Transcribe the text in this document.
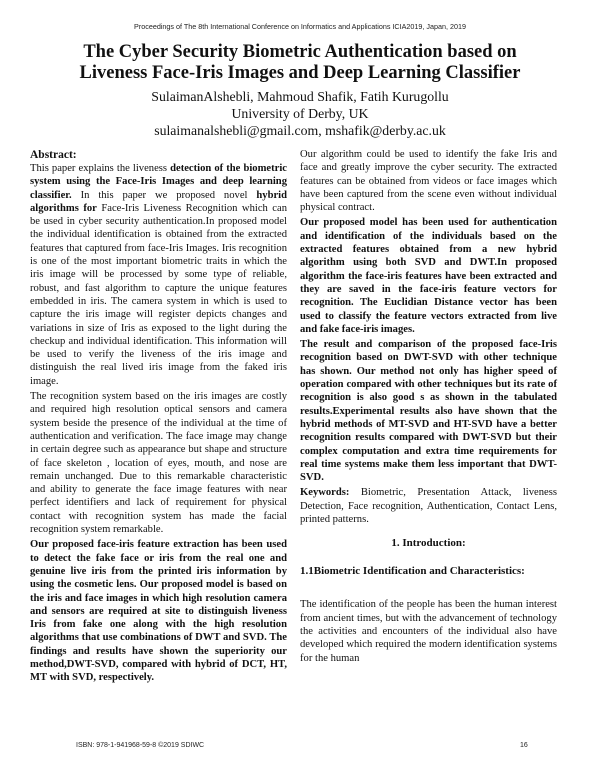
Proceedings of The 8th International Conference on Informatics and Applications ICIA2019, Japan, 2019
The Cyber Security Biometric Authentication based on
Liveness Face-Iris Images and Deep Learning Classifier
SulaimanAlshebli, Mahmoud Shafik, Fatih Kurugollu
University of Derby, UK
sulaimanalshebli@gmail.com, mshafik@derby.ac.uk

Abstract:

This paper explains the liveness detection of the biometric system using the Face-Iris Images and deep learning classifier. In this paper we proposed novel hybrid algorithms for Face-Iris Liveness Recognition which can be used in cyber security authentication.In proposed model the individual identification is obtained from the extracted features that captured from face-Iris Images. Iris recognition is one of the most important biometric traits in which the iris image will be processed by some type of reliable, robust, and fast algorithm to capture the unique features embedded in iris. The camera system in which is used to capture the iris image will register depicts changes and variations in size of Iris as exposed to the light during the checkup and individual identification. This information will be used to verify the liveness of the iris image and distinguish the real lived iris image from the faked iris image.

The recognition system based on the iris images are costly and required high resolution optical sensors and camera system beside the presence of the individual at the time of authentication and verification. The face image may change in certain degree such as appearance but shape and structure of face skeleton , location of eyes, mouth, and nose are remain unchanged. Due to this remarkable characteristic and ability to generate the face image features with near perfect identifiers and lack of requirement for physical contact with recognition system has made the facial recognition system remarkable.

Our proposed face-iris feature extraction has been used to detect the fake face or iris from the real one and genuine live iris from the printed iris information by using the cosmetic lens. Our proposed model is based on the iris and face images in which high resolution camera and sensors are required at site to distinguish liveness Iris from fake one along with the high resolution algorithms that use combinations of DWT and SVD. The findings and results have shown the superiority our method,DWT-SVD, compared with hybrid of DCT, HT, MT with SVD, respectively.

Our algorithm could be used to identify the fake Iris and face and greatly improve the cyber security. The extracted features can be obtained from videos or face images which have been captured from the scene even without individual physical contract.

Our proposed model has been used for authentication and identification of the individuals based on the extracted features obtained from a new hybrid algorithm using both SVD and DWT.In proposed algorithm the face-iris features have been extracted and they are saved in the face-iris feature vectors for recognition. The Euclidian Distance vector has been used to classify the feature vectors extracted from live and fake face-iris images.

The result and comparison of the proposed face-Iris recognition based on DWT-SVD with other technique has shown. Our method not only has higher speed of operation compared with other techniques but its rate of recognition is also good s as shown in the tabulated results.Experimental results also have shown that the hybrid methods of MT-SVD and HT-SVD have a better recognition results compared with DWT-SVD but their complex computation and extra time requirements for real time systems make them less important that DWT-SVD.

Keywords: Biometric, Presentation Attack, liveness Detection, Face recognition, Authentication, Contact Lens, printed patterns.

1. Introduction:

1.1Biometric Identification and Characteristics:

The identification of the people has been the human interest from ancient times, but with the advancement of technology the activities and encounters of the individual also have developed which required the modern identification systems for the human

ISBN: 978-1-941968-59-8 ©2019 SDIWC	16
